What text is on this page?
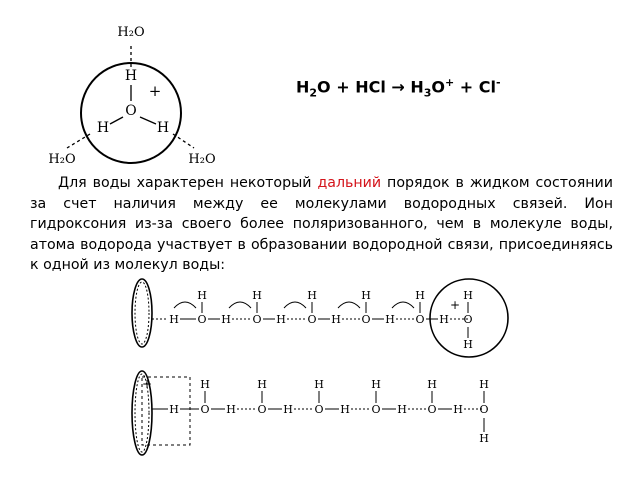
H₂O
H₂O	H₂O
H
O
H	H
+
H O
H
H O
H
H O
H
H O
H
H O
H
H O
H
H
+
+
H O
H
H O
H
H O
H
H O
H
H O
H
H O
H
H
$H_2O$ + HCl → $H_3O^+ + Cl^-$

Для воды характерен некоторый дальний порядок в жидком состоянии за счет наличия между ее молекулами водородных связей. Ион гидроксония из-за своего более поляризованного, чем в молекуле воды, атома водорода участвует в образовании водородной связи, присоединяясь к одной из молекул воды:
